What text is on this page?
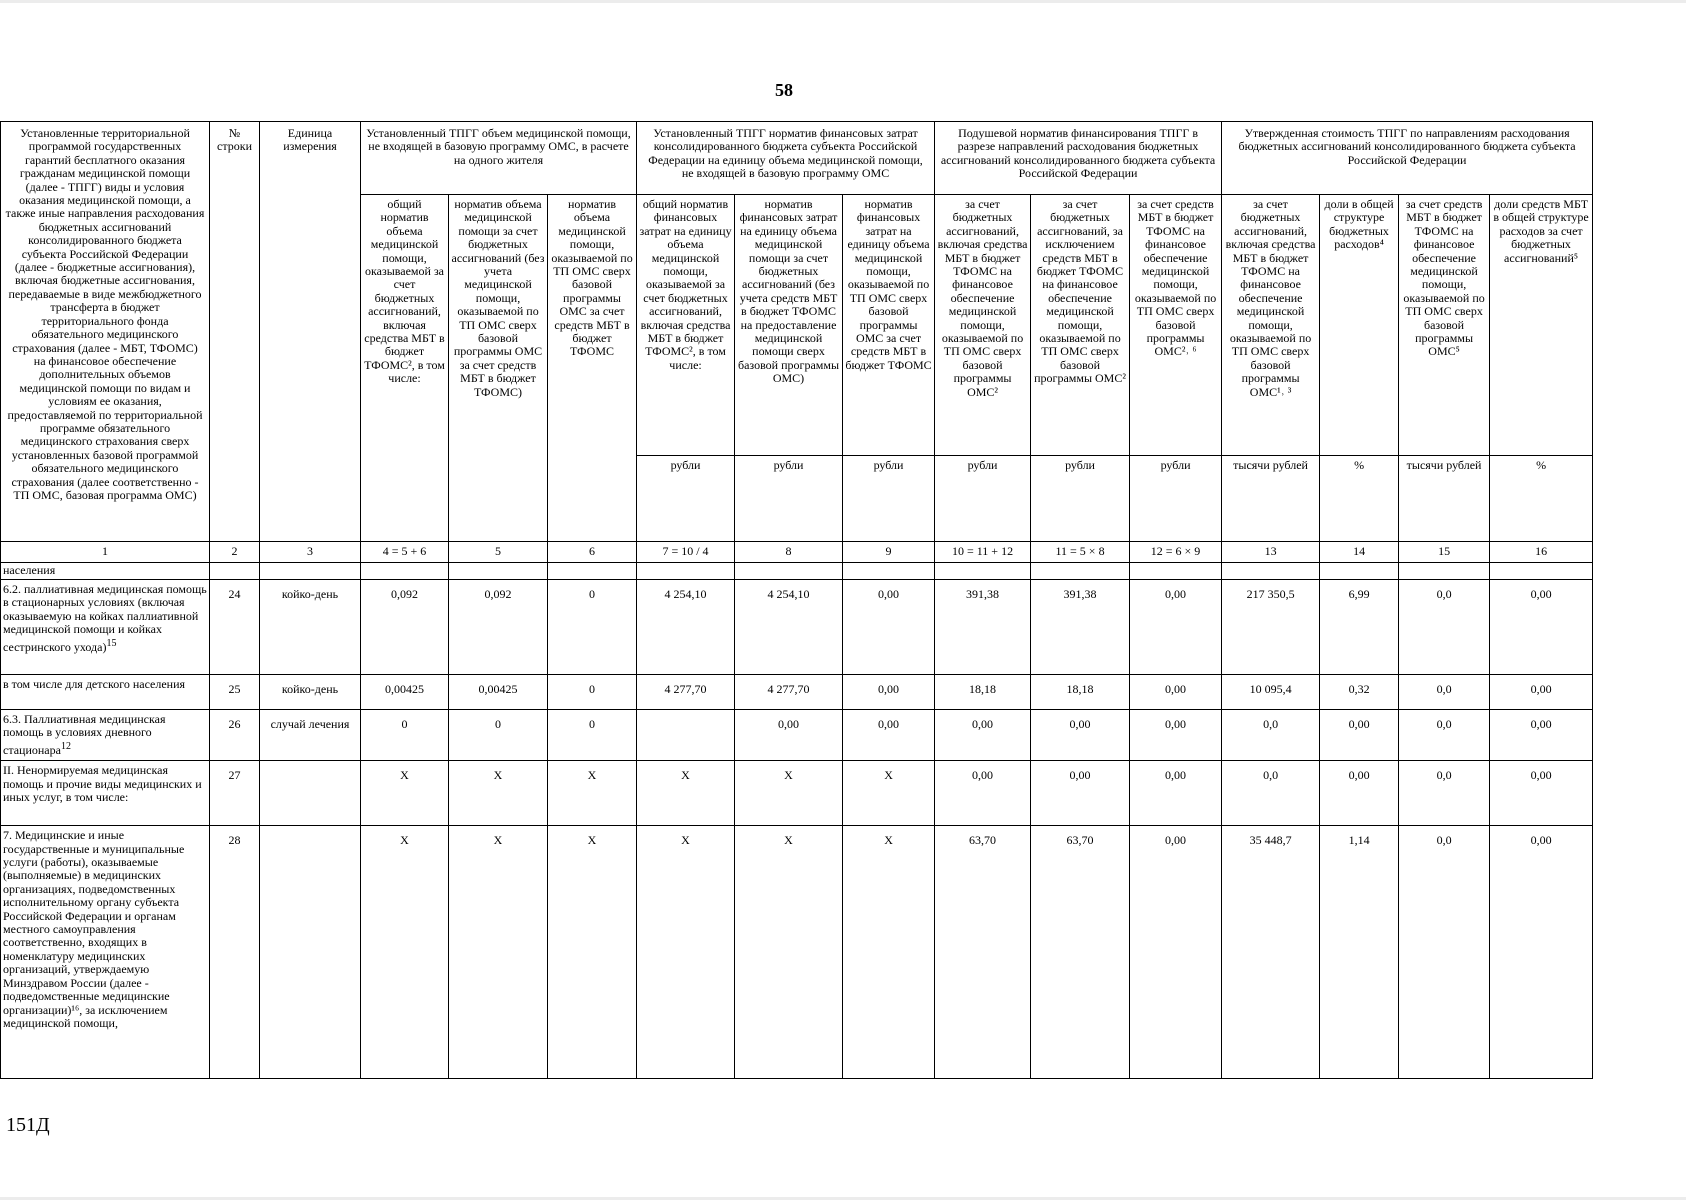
58
Установленные территориальной программой государственных гарантий бесплатного оказания гражданам медицинской помощи (далее - ТПГГ) виды и условия оказания медицинской помощи, а также иные направления расходования бюджетных ассигнований консолидированного бюджета субъекта Российской Федерации (далее - бюджетные ассигнования), включая бюджетные ассигнования, передаваемые в виде межбюджетного трансферта в бюджет территориального фонда обязательного медицинского страхования (далее - МБТ, ТФОМС) на финансовое обеспечение дополнительных объемов медицинской помощи по видам и условиям ее оказания, предоставляемой по территориальной программе обязательного медицинского страхования сверх установленных базовой программой обязательного медицинского страхования (далее соответственно - ТП ОМС, базовая программа ОМС)	№ строки	Единица измерения	Установленный ТПГГ объем медицинской помощи, не входящей в базовую программу ОМС, в расчете на одного жителя			Установленный ТПГГ норматив финансовых затрат консолидированного бюджета субъекта Российской Федерации на единицу объема медицинской помощи, не входящей в базовую программу ОМС			Подушевой норматив финансирования ТПГГ в разрезе направлений расходования бюджетных ассигнований консолидированного бюджета субъекта Российской Федерации			Утвержденная стоимость ТПГГ по направлениям расходования бюджетных ассигнований консолидированного бюджета субъекта Российской Федерации			
			общий норматив объема медицинской помощи, оказываемой за счет бюджетных ассигнований, включая средства МБТ в бюджет ТФОМС², в том числе:	норматив объема медицинской помощи за счет бюджетных ассигнований (без учета медицинской помощи, оказываемой по ТП ОМС сверх базовой программы ОМС за счет средств МБТ в бюджет ТФОМС)	норматив объема медицинской помощи, оказываемой по ТП ОМС сверх базовой программы ОМС за счет средств МБТ в бюджет ТФОМС	общий норматив финансовых затрат на единицу объема медицинской помощи, оказываемой за счет бюджетных ассигнований, включая средства МБТ в бюджет ТФОМС², в том числе:	норматив финансовых затрат на единицу объема медицинской помощи за счет бюджетных ассигнований (без учета средств МБТ в бюджет ТФОМС на предоставление медицинской помощи сверх базовой программы ОМС)	норматив финансовых затрат на единицу объема медицинской помощи, оказываемой по ТП ОМС сверх базовой программы ОМС за счет средств МБТ в бюджет ТФОМС	за счет бюджетных ассигнований, включая средства МБТ в бюджет ТФОМС на финансовое обеспечение медицинской помощи, оказываемой по ТП ОМС сверх базовой программы ОМС²	за счет бюджетных ассигнований, за исключением средств МБТ в бюджет ТФОМС на финансовое обеспечение медицинской помощи, оказываемой по ТП ОМС сверх базовой программы ОМС²	за счет средств МБТ в бюджет ТФОМС на финансовое обеспечение медицинской помощи, оказываемой по ТП ОМС сверх базовой программы ОМС²˒ ⁶	за счет бюджетных ассигнований, включая средства МБТ в бюджет ТФОМС на финансовое обеспечение медицинской помощи, оказываемой по ТП ОМС сверх базовой программы ОМС¹˒ ³	доли в общей структуре бюджетных расходов⁴	за счет средств МБТ в бюджет ТФОМС на финансовое обеспечение медицинской помощи, оказываемой по ТП ОМС сверх базовой программы ОМС⁵	доли средств МБТ в общей структуре расходов за счет бюджетных ассигнований⁵
						рубли	рубли	рубли	рубли	рубли	рубли	тысячи рублей	%	тысячи рублей	%
1	2	3	4 = 5 + 6	5	6	7 = 10 / 4	8	9	10 = 11 + 12	11 = 5 × 8	12 = 6 × 9	13	14	15	16
населения															
6.2. паллиативная медицинская помощь в стационарных условиях (включая оказываемую на койках паллиативной медицинской помощи и койках сестринского ухода)$^{15}$	24	койко-день	0,092	0,092	0	4 254,10	4 254,10	0,00	391,38	391,38	0,00	217 350,5	6,99	0,0	0,00
в том числе для детского населения	25	койко-день	0,00425	0,00425	0	4 277,70	4 277,70	0,00	18,18	18,18	0,00	10 095,4	0,32	0,0	0,00
6.3. Паллиативная медицинская помощь в условиях дневного стационара$^{12}$	26	случай лечения	0	0	0		0,00	0,00	0,00	0,00	0,00	0,0	0,00	0,0	0,00
II. Ненормируемая медицинская помощь и прочие виды медицинских и иных услуг, в том числе:	27		X	X	X	X	X	X	0,00	0,00	0,00	0,0	0,00	0,0	0,00
7. Медицинские и иные государственные и муниципальные услуги (работы), оказываемые (выполняемые) в медицинских организациях, подведомственных исполнительному органу субъекта Российской Федерации и органам местного самоуправления соответственно, входящих в номенклатуру медицинских организаций, утверждаемую Минздравом России (далее - подведомственные медицинские организации)¹⁶, за исключением медицинской помощи,	28		X	X	X	X	X	X	63,70	63,70	0,00	35 448,7	1,14	0,0	0,00
151Д
